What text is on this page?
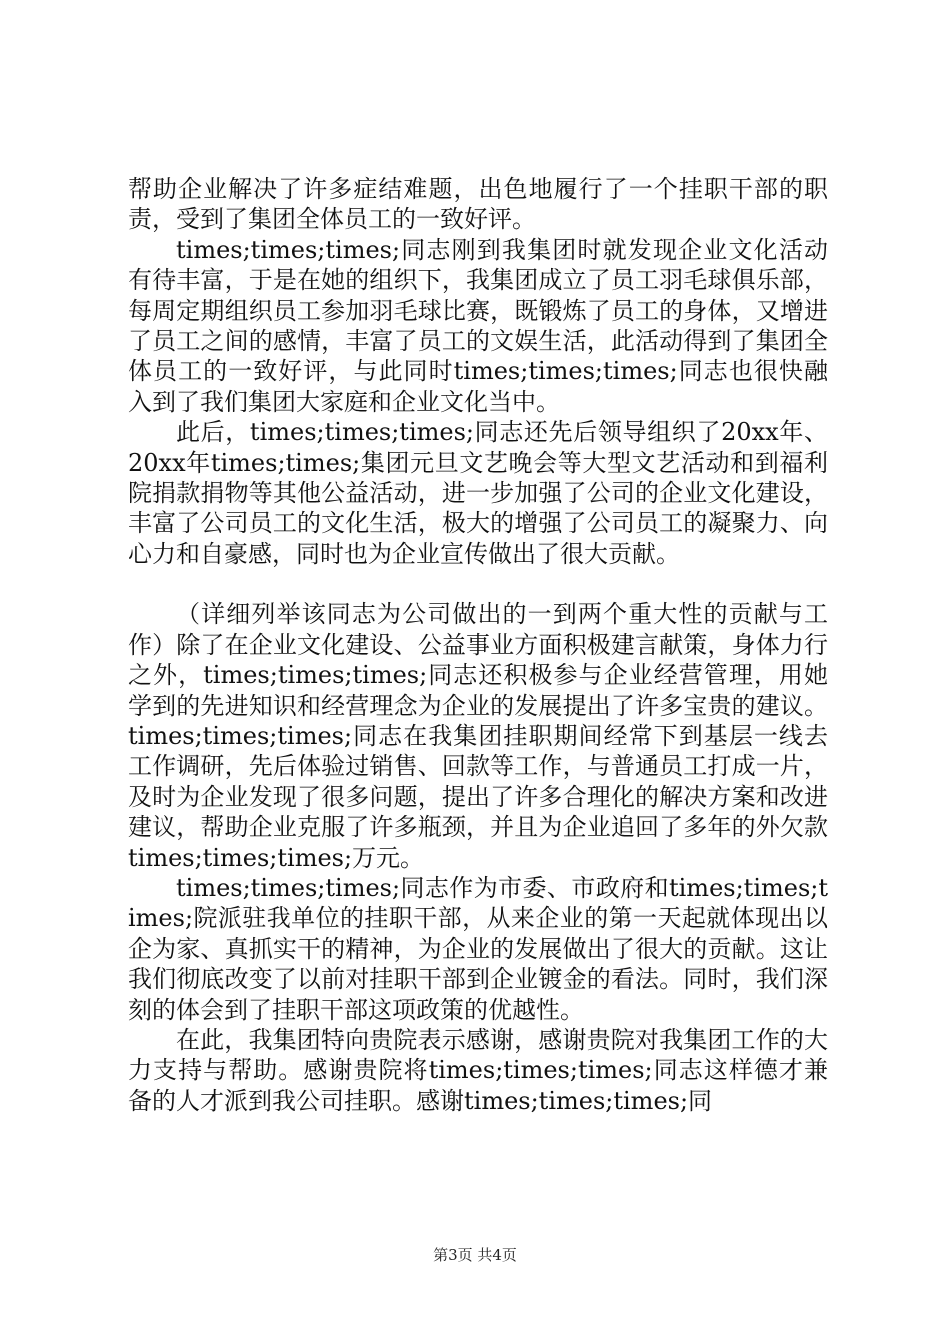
帮助企业解决了许多症结难题，出色地履行了一个挂职干部的职责，受到了集团全体员工的一致好评。

times;times;times;同志刚到我集团时就发现企业文化活动有待丰富，于是在她的组织下，我集团成立了员工羽毛球俱乐部，每周定期组织员工参加羽毛球比赛，既锻炼了员工的身体，又增进了员工之间的感情，丰富了员工的文娱生活，此活动得到了集团全体员工的一致好评，与此同时times;times;times;同志也很快融入到了我们集团大家庭和企业文化当中。

此后，times;times;times;同志还先后领导组织了20xx年、20xx年times;times;集团元旦文艺晚会等大型文艺活动和到福利院捐款捐物等其他公益活动，进一步加强了公司的企业文化建设，丰富了公司员工的文化生活，极大的增强了公司员工的凝聚力、向心力和自豪感，同时也为企业宣传做出了很大贡献。

（详细列举该同志为公司做出的一到两个重大性的贡献与工作）除了在企业文化建设、公益事业方面积极建言献策，身体力行之外，times;times;times;同志还积极参与企业经营管理，用她学到的先进知识和经营理念为企业的发展提出了许多宝贵的建议。times;times;times;同志在我集团挂职期间经常下到基层一线去工作调研，先后体验过销售、回款等工作，与普通员工打成一片，及时为企业发现了很多问题，提出了许多合理化的解决方案和改进建议，帮助企业克服了许多瓶颈，并且为企业追回了多年的外欠款times;times;times;万元。

times;times;times;同志作为市委、市政府和times;times;times;院派驻我单位的挂职干部，从来企业的第一天起就体现出以企为家、真抓实干的精神，为企业的发展做出了很大的贡献。这让我们彻底改变了以前对挂职干部到企业镀金的看法。同时，我们深刻的体会到了挂职干部这项政策的优越性。

在此，我集团特向贵院表示感谢，感谢贵院对我集团工作的大力支持与帮助。感谢贵院将times;times;times;同志这样德才兼备的人才派到我公司挂职。感谢times;times;times;同

第3页 共4页
